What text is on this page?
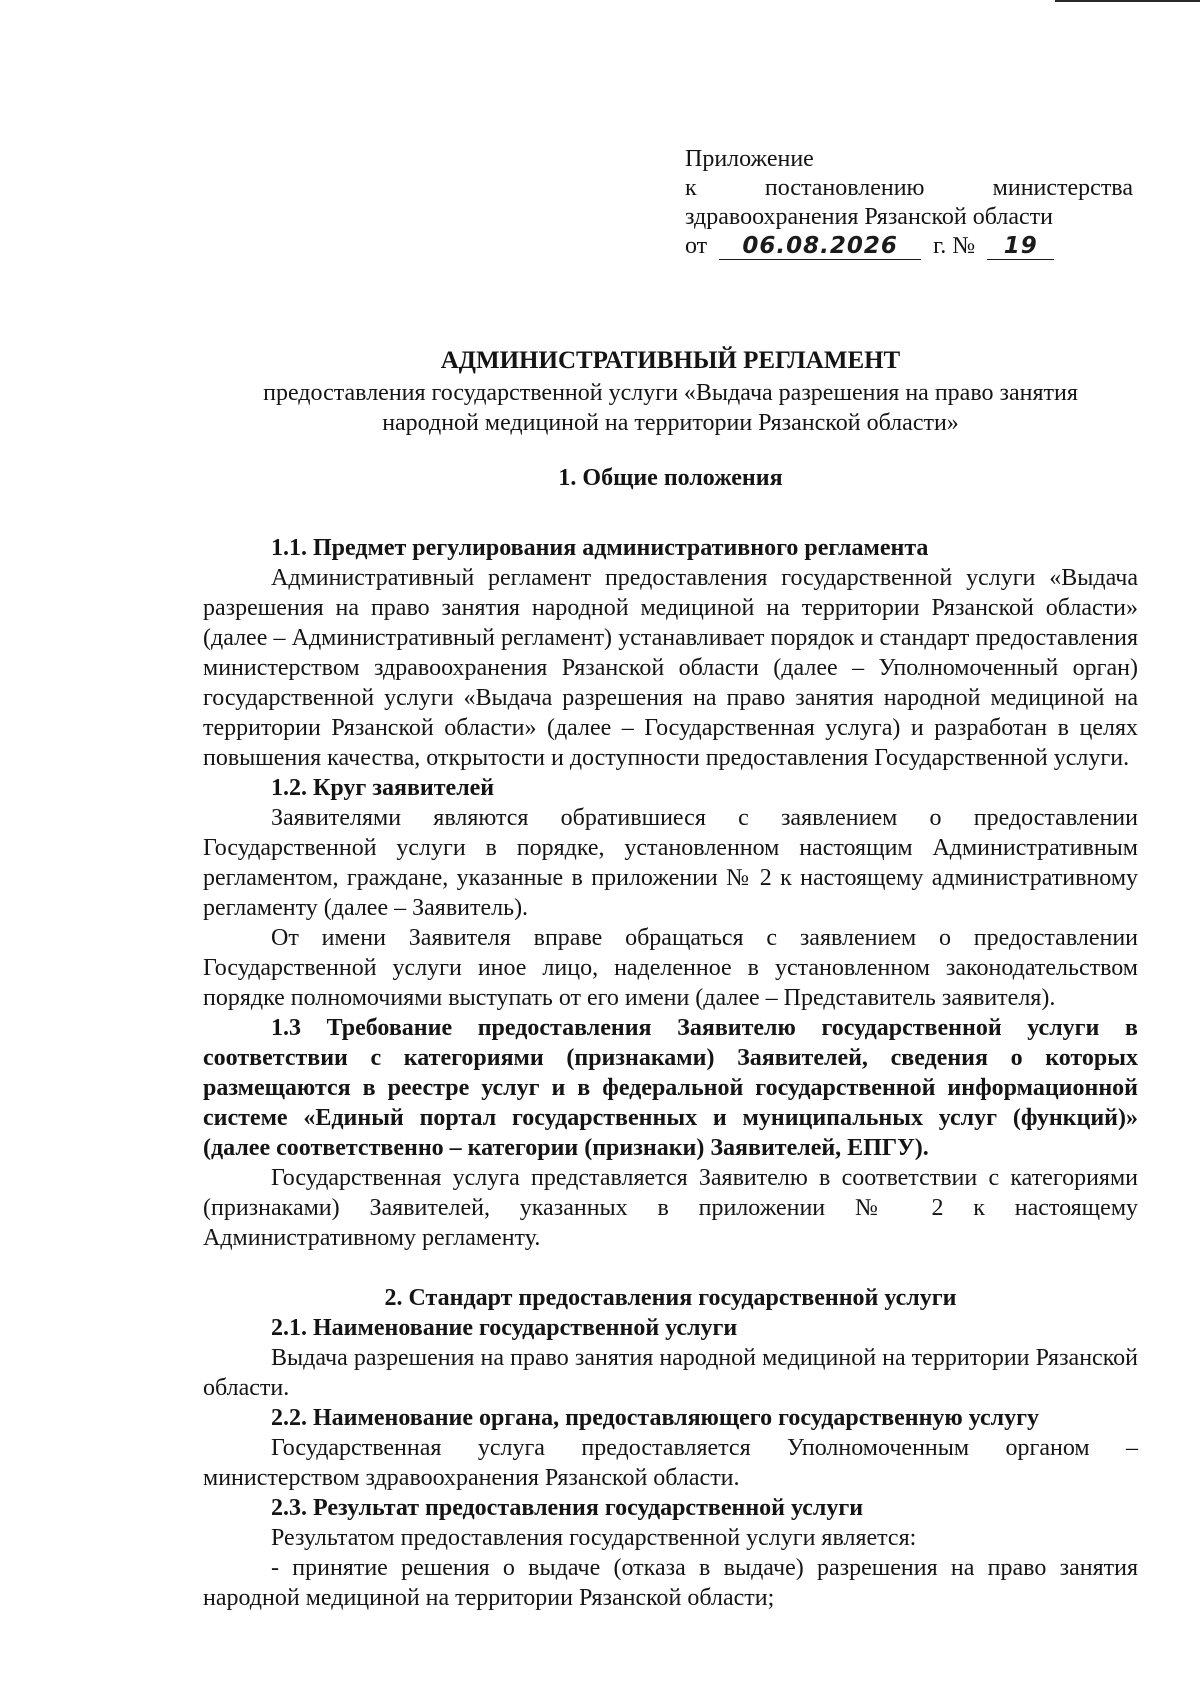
Приложение
к	постановлению	министерства
здравоохранения Рязанской области
от 06.08.2026 г. № 19

АДМИНИСТРАТИВНЫЙ РЕГЛАМЕНТ

предоставления государственной услуги «Выдача разрешения на право занятия

народной медициной на территории Рязанской области»

1. Общие положения

1.1. Предмет регулирования административного регламента

Административный регламент предоставления государственной услуги «Выдача разрешения на право занятия народной медициной на территории Рязанской области» (далее – Административный регламент) устанавливает порядок и стандарт предоставления министерством здравоохранения Рязанской области (далее – Уполномоченный орган) государственной услуги «Выдача разрешения на право занятия народной медициной на территории Рязанской области» (далее – Государственная услуга) и разработан в целях повышения качества, открытости и доступности предоставления Государственной услуги.

1.2. Круг заявителей

Заявителями являются обратившиеся с заявлением о предоставлении Государственной услуги в порядке, установленном настоящим Административным регламентом, граждане, указанные в приложении № 2 к настоящему административному регламенту (далее – Заявитель).

От имени Заявителя вправе обращаться с заявлением о предоставлении Государственной услуги иное лицо, наделенное в установленном законодательством порядке полномочиями выступать от его имени (далее – Представитель заявителя).

1.3 Требование предоставления Заявителю государственной услуги в соответствии с категориями (признаками) Заявителей, сведения о которых размещаются в реестре услуг и в федеральной государственной информационной системе «Единый портал государственных и муниципальных услуг (функций)» (далее соответственно – категории (признаки) Заявителей, ЕПГУ).

Государственная услуга представляется Заявителю в соответствии с категориями (признаками) Заявителей, указанных в приложении № 2 к настоящему Административному регламенту.

2. Стандарт предоставления государственной услуги

2.1. Наименование государственной услуги

Выдача разрешения на право занятия народной медициной на территории Рязанской области.

2.2. Наименование органа, предоставляющего государственную услугу

Государственная услуга предоставляется Уполномоченным органом – министерством здравоохранения Рязанской области.

2.3. Результат предоставления государственной услуги

Результатом предоставления государственной услуги является:

- принятие решения о выдаче (отказа в выдаче) разрешения на право занятия народной медициной на территории Рязанской области;
